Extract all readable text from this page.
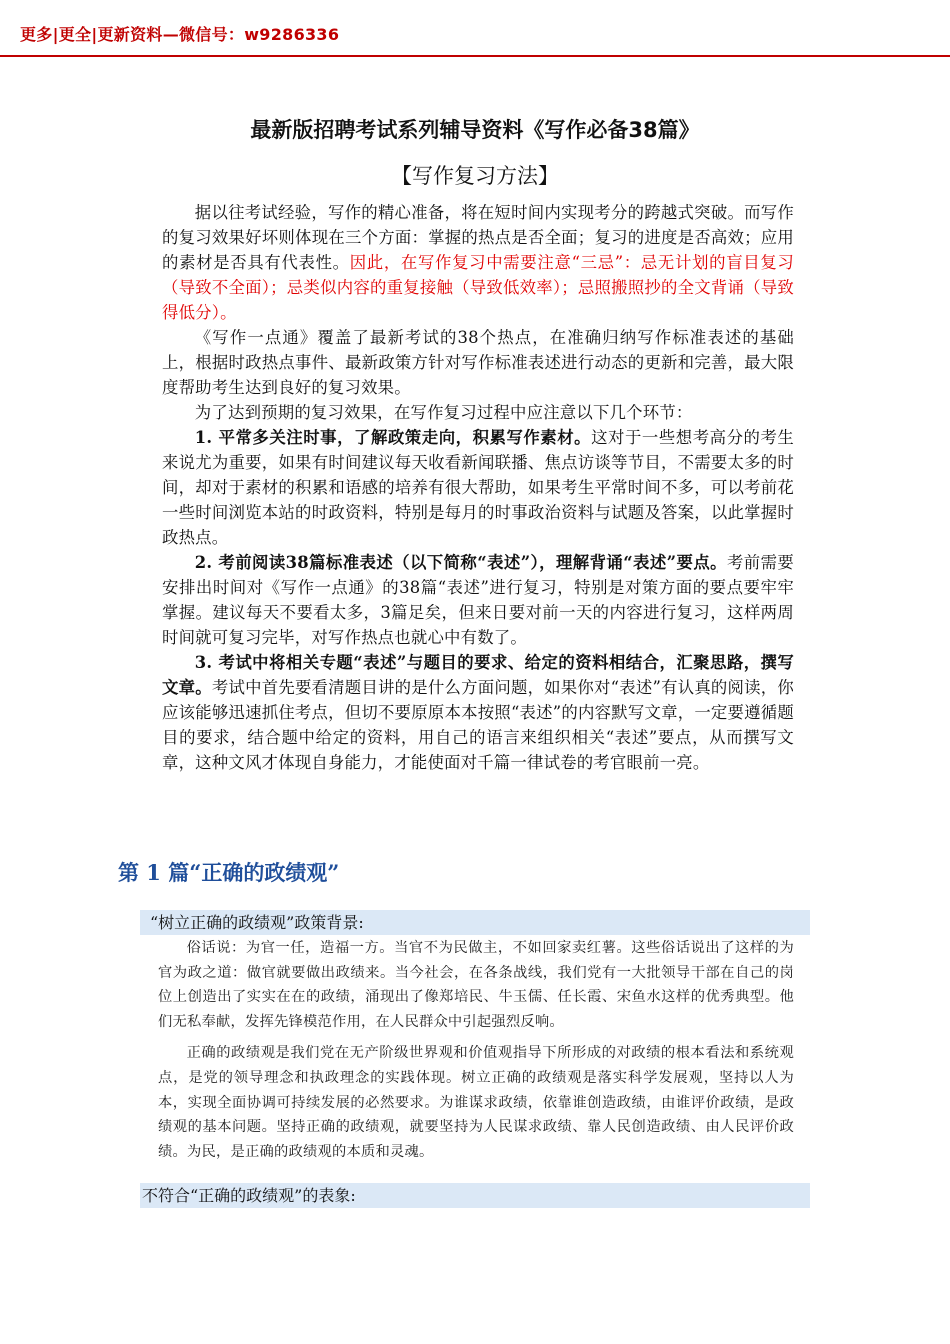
更多|更全|更新资料—微信号：w9286336
最新版招聘考试系列辅导资料《写作必备38篇》
【写作复习方法】

据以往考试经验，写作的精心准备，将在短时间内实现考分的跨越式突破。而写作的复习效果好坏则体现在三个方面：掌握的热点是否全面；复习的进度是否高效；应用的素材是否具有代表性。因此，在写作复习中需要注意“三忌”：忌无计划的盲目复习（导致不全面）；忌类似内容的重复接触（导致低效率）；忌照搬照抄的全文背诵（导致得低分）。

《写作一点通》覆盖了最新考试的38个热点，在准确归纳写作标准表述的基础上，根据时政热点事件、最新政策方针对写作标准表述进行动态的更新和完善，最大限度帮助考生达到良好的复习效果。

为了达到预期的复习效果，在写作复习过程中应注意以下几个环节：

1. 平常多关注时事，了解政策走向，积累写作素材。这对于一些想考高分的考生来说尤为重要，如果有时间建议每天收看新闻联播、焦点访谈等节目，不需要太多的时间，却对于素材的积累和语感的培养有很大帮助，如果考生平常时间不多，可以考前花一些时间浏览本站的时政资料，特别是每月的时事政治资料与试题及答案，以此掌握时政热点。

2. 考前阅读38篇标准表述（以下简称“表述”），理解背诵“表述”要点。考前需要安排出时间对《写作一点通》的38篇“表述”进行复习，特别是对策方面的要点要牢牢掌握。建议每天不要看太多，3篇足矣，但来日要对前一天的内容进行复习，这样两周时间就可复习完毕，对写作热点也就心中有数了。

3. 考试中将相关专题“表述”与题目的要求、给定的资料相结合，汇聚思路，撰写文章。考试中首先要看清题目讲的是什么方面问题，如果你对“表述”有认真的阅读，你应该能够迅速抓住考点，但切不要原原本本按照“表述”的内容默写文章，一定要遵循题目的要求，结合题中给定的资料，用自己的语言来组织相关“表述”要点，从而撰写文章，这种文风才体现自身能力，才能使面对千篇一律试卷的考官眼前一亮。

第 1 篇“正确的政绩观”
“树立正确的政绩观”政策背景:

俗话说：为官一任，造福一方。当官不为民做主，不如回家卖红薯。这些俗话说出了这样的为官为政之道：做官就要做出政绩来。当今社会，在各条战线，我们党有一大批领导干部在自己的岗位上创造出了实实在在的政绩，涌现出了像郑培民、牛玉儒、任长霞、宋鱼水这样的优秀典型。他们无私奉献，发挥先锋模范作用，在人民群众中引起强烈反响。

正确的政绩观是我们党在无产阶级世界观和价值观指导下所形成的对政绩的根本看法和系统观点，是党的领导理念和执政理念的实践体现。树立正确的政绩观是落实科学发展观，坚持以人为本，实现全面协调可持续发展的必然要求。为谁谋求政绩，依靠谁创造政绩，由谁评价政绩，是政绩观的基本问题。坚持正确的政绩观，就要坚持为人民谋求政绩、靠人民创造政绩、由人民评价政绩。为民，是正确的政绩观的本质和灵魂。

不符合“正确的政绩观”的表象:
